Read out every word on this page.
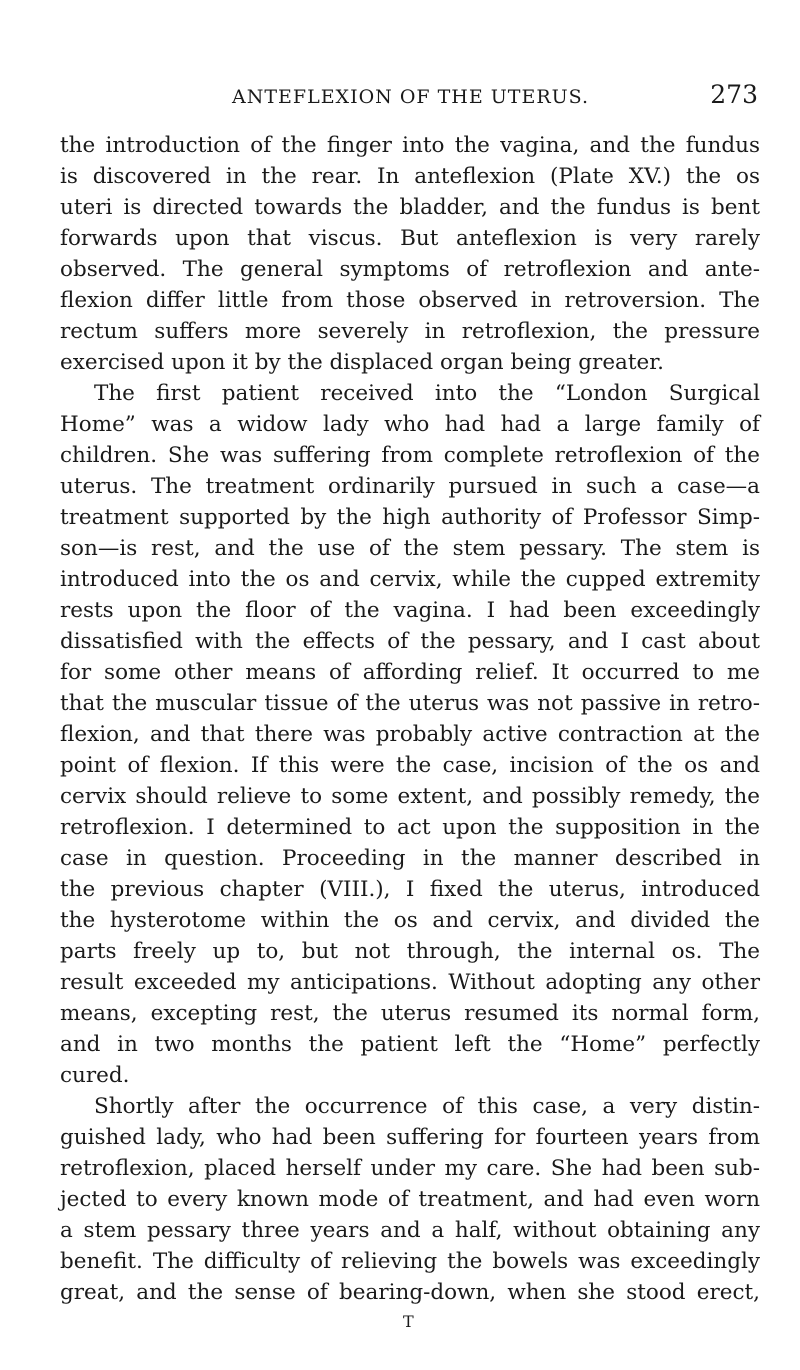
ANTEFLEXION OF THE UTERUS.	273
the introduction of the finger into the vagina, and the fundus
is discovered in the rear. In anteflexion (Plate XV.) the os
uteri is directed towards the bladder, and the fundus is bent
forwards upon that viscus. But anteflexion is very rarely
observed. The general symptoms of retroflexion and ante-
flexion differ little from those observed in retroversion. The
rectum suffers more severely in retroflexion, the pressure
exercised upon it by the displaced organ being greater.
The first patient received into the “London Surgical
Home” was a widow lady who had had a large family of
children. She was suffering from complete retroflexion of the
uterus. The treatment ordinarily pursued in such a case—a
treatment supported by the high authority of Professor Simp-
son—is rest, and the use of the stem pessary. The stem is
introduced into the os and cervix, while the cupped extremity
rests upon the floor of the vagina. I had been exceedingly
dissatisfied with the effects of the pessary, and I cast about
for some other means of affording relief. It occurred to me
that the muscular tissue of the uterus was not passive in retro-
flexion, and that there was probably active contraction at the
point of flexion. If this were the case, incision of the os and
cervix should relieve to some extent, and possibly remedy, the
retroflexion. I determined to act upon the supposition in the
case in question. Proceeding in the manner described in
the previous chapter (VIII.), I fixed the uterus, introduced
the hysterotome within the os and cervix, and divided the
parts freely up to, but not through, the internal os. The
result exceeded my anticipations. Without adopting any other
means, excepting rest, the uterus resumed its normal form,
and in two months the patient left the “Home” perfectly
cured.
Shortly after the occurrence of this case, a very distin-
guished lady, who had been suffering for fourteen years from
retroflexion, placed herself under my care. She had been sub-
jected to every known mode of treatment, and had even worn
a stem pessary three years and a half, without obtaining any
benefit. The difficulty of relieving the bowels was exceedingly
great, and the sense of bearing-down, when she stood erect,
T
